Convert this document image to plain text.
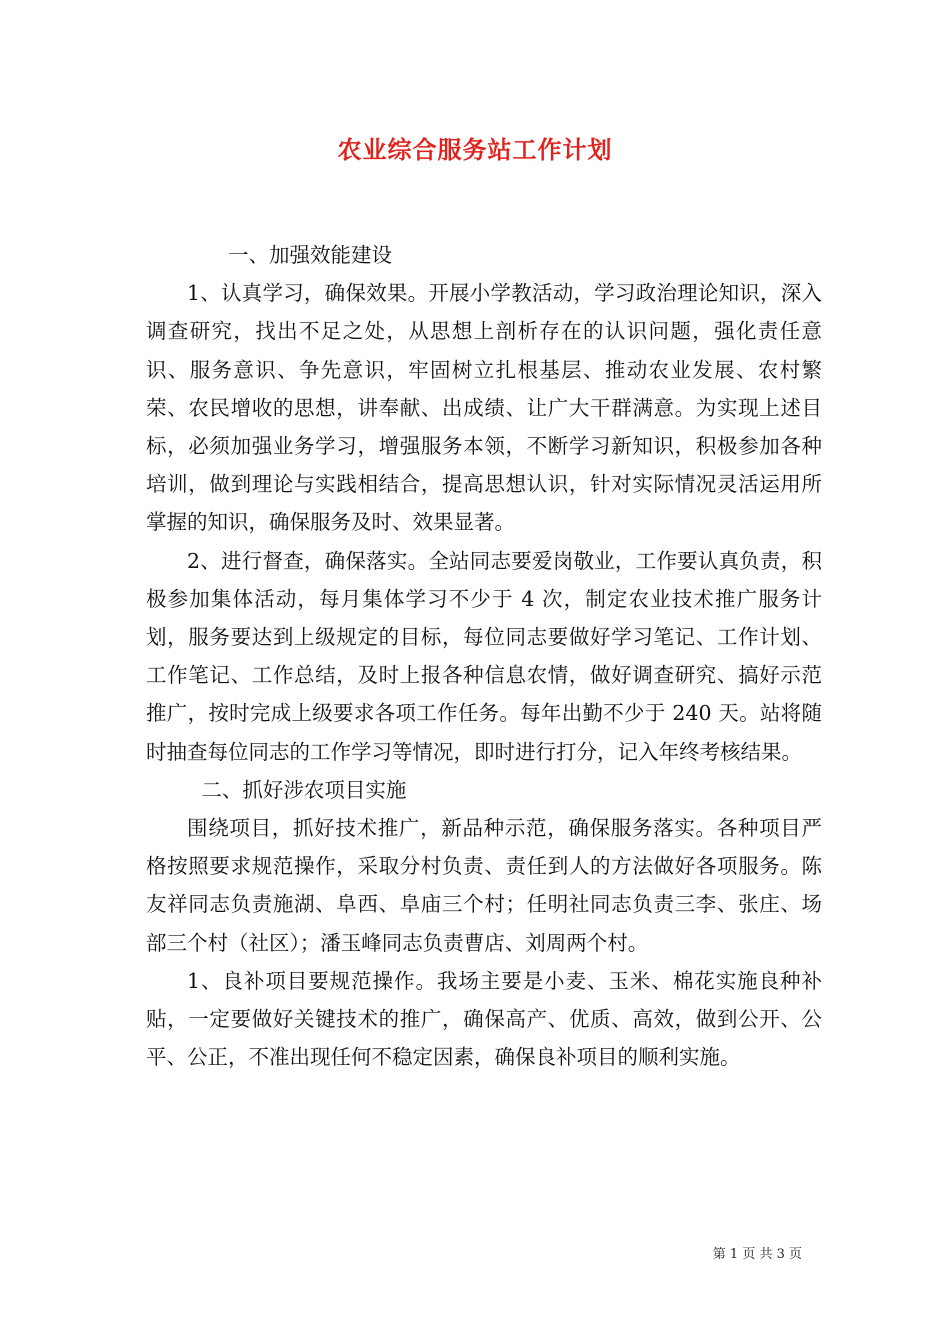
农业综合服务站工作计划

一、加强效能建设

1、认真学习，确保效果。开展小学教活动，学习政治理论知识，深入调查研究，找出不足之处，从思想上剖析存在的认识问题，强化责任意识、服务意识、争先意识，牢固树立扎根基层、推动农业发展、农村繁荣、农民增收的思想，讲奉献、出成绩、让广大干群满意。为实现上述目标，必须加强业务学习，增强服务本领，不断学习新知识，积极参加各种培训，做到理论与实践相结合，提高思想认识，针对实际情况灵活运用所掌握的知识，确保服务及时、效果显著。

2、进行督查，确保落实。全站同志要爱岗敬业，工作要认真负责，积极参加集体活动，每月集体学习不少于 4 次，制定农业技术推广服务计划，服务要达到上级规定的目标，每位同志要做好学习笔记、工作计划、工作笔记、工作总结，及时上报各种信息农情，做好调查研究、搞好示范推广，按时完成上级要求各项工作任务。每年出勤不少于 240 天。站将随时抽查每位同志的工作学习等情况，即时进行打分，记入年终考核结果。

二、抓好涉农项目实施

围绕项目，抓好技术推广，新品种示范，确保服务落实。各种项目严格按照要求规范操作，采取分村负责、责任到人的方法做好各项服务。陈友祥同志负责施湖、阜西、阜庙三个村；任明社同志负责三李、张庄、场部三个村（社区）；潘玉峰同志负责曹店、刘周两个村。

1、良补项目要规范操作。我场主要是小麦、玉米、棉花实施良种补贴，一定要做好关键技术的推广，确保高产、优质、高效，做到公开、公平、公正，不准出现任何不稳定因素，确保良补项目的顺利实施。

第 1 页 共 3 页
